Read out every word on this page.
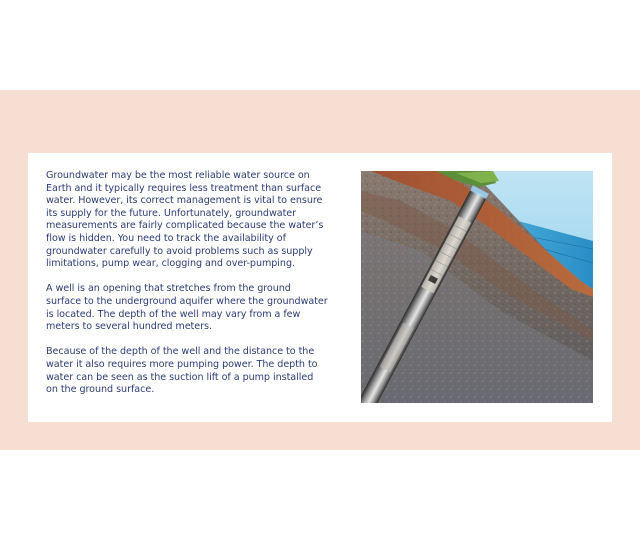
Groundwater may be the most reliable water source on Earth and it typically requires less treatment than surface water. However, its correct management is vital to ensure its supply for the future. Unfortunately, groundwater measurements are fairly complicated because the water’s flow is hidden. You need to track the availability of groundwater carefully to avoid problems such as supply limitations, pump wear, clogging and over-pumping.

A well is an opening that stretches from the ground surface to the underground aquifer where the groundwater is located. The depth of the well may vary from a few meters to several hundred meters.

Because of the depth of the well and the distance to the water it also requires more pumping power. The depth to water can be seen as the suction lift of a pump installed on the ground surface.
